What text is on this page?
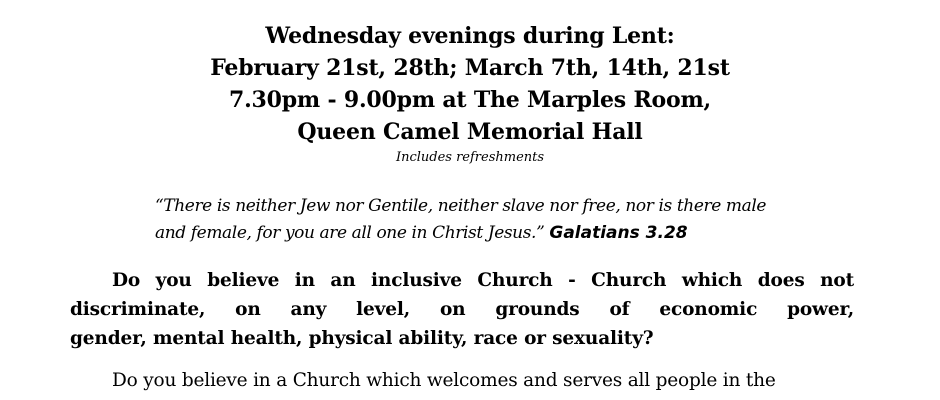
Wednesday evenings during Lent:
February 21st, 28th; March 7th, 14th, 21st
7.30pm - 9.00pm at The Marples Room,
Queen Camel Memorial Hall
Includes refreshments
“There is neither Jew nor Gentile, neither slave nor free, nor is there male
and female, for you are all one in Christ Jesus.” Galatians 3.28
Do you believe in an inclusive Church - Church which does not
discriminate, on any level, on grounds of economic power,
gender, mental health, physical ability, race or sexuality?
Do you believe in a Church which welcomes and serves all people in the
